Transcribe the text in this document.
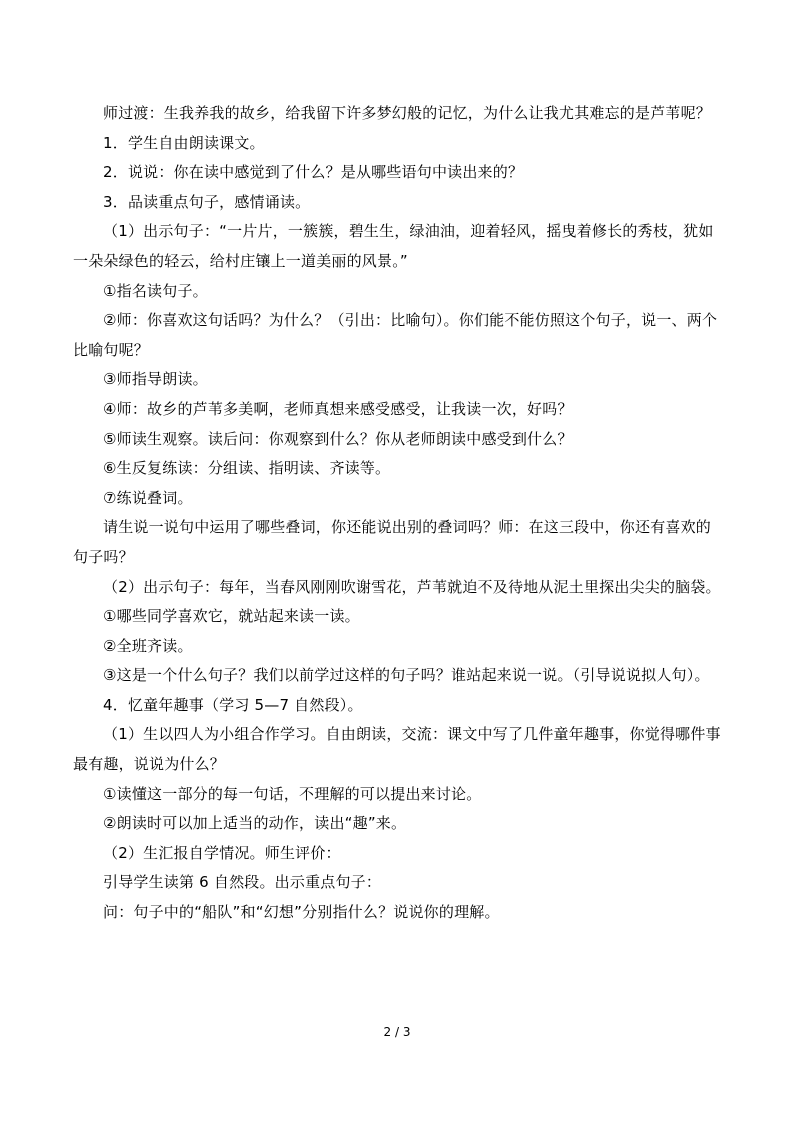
师过渡：生我养我的故乡，给我留下许多梦幻般的记忆，为什么让我尤其难忘的是芦苇呢？

1．学生自由朗读课文。

2．说说：你在读中感觉到了什么？是从哪些语句中读出来的？

3．品读重点句子，感情诵读。

（1）出示句子：“一片片，一簇簇，碧生生，绿油油，迎着轻风，摇曳着修长的秀枝，犹如一朵朵绿色的轻云，给村庄镶上一道美丽的风景。”

①指名读句子。

②师：你喜欢这句话吗？为什么？（引出：比喻句）。你们能不能仿照这个句子，说一、两个比喻句呢？

③师指导朗读。

④师：故乡的芦苇多美啊，老师真想来感受感受，让我读一次，好吗？

⑤师读生观察。读后问：你观察到什么？你从老师朗读中感受到什么？

⑥生反复练读：分组读、指明读、齐读等。

⑦练说叠词。

请生说一说句中运用了哪些叠词，你还能说出别的叠词吗？师：在这三段中，你还有喜欢的句子吗？

（2）出示句子：每年，当春风刚刚吹谢雪花，芦苇就迫不及待地从泥土里探出尖尖的脑袋。

①哪些同学喜欢它，就站起来读一读。

②全班齐读。

③这是一个什么句子？我们以前学过这样的句子吗？谁站起来说一说。（引导说说拟人句）。

4．忆童年趣事（学习 5—7 自然段）。

（1）生以四人为小组合作学习。自由朗读，交流：课文中写了几件童年趣事，你觉得哪件事最有趣，说说为什么？

①读懂这一部分的每一句话，不理解的可以提出来讨论。

②朗读时可以加上适当的动作，读出“趣”来。

（2）生汇报自学情况。师生评价：

引导学生读第 6 自然段。出示重点句子：

问：句子中的“船队”和“幻想”分别指什么？说说你的理解。

2 / 3
